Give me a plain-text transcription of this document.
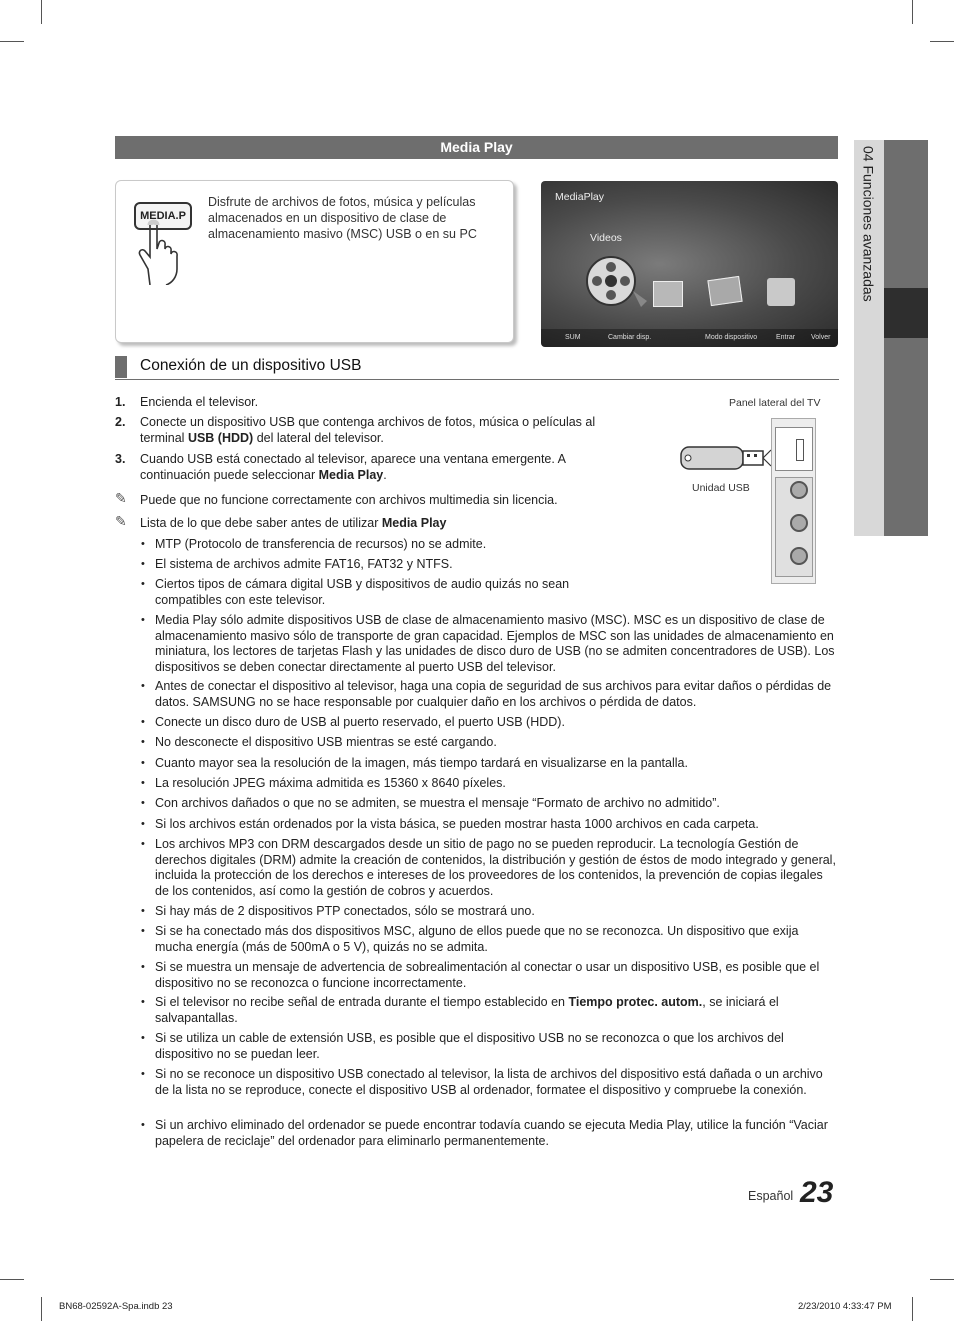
Media Play
MEDIA.P
Disfrute de archivos de fotos, música y películas almacenados en un dispositivo de clase de almacenamiento masivo (MSC) USB o en su PC
MediaPlay
Videos
SUM	Cambiar disp.	Modo dispositivo	Entrar Volver
Conexión de un dispositivo USB
1. Encienda el televisor.
2. Conecte un dispositivo USB que contenga archivos de fotos, música o películas al terminal USB (HDD) del lateral del televisor.
3. Cuando USB está conectado al televisor, aparece una ventana emergente. A continuación puede seleccionar Media Play.
✎ Puede que no funcione correctamente con archivos multimedia sin licencia.
✎ Lista de lo que debe saber antes de utilizar Media Play
• MTP (Protocolo de transferencia de recursos) no se admite.
• El sistema de archivos admite FAT16, FAT32 y NTFS.
• Ciertos tipos de cámara digital USB y dispositivos de audio quizás no sean compatibles con este televisor.
• Media Play sólo admite dispositivos USB de clase de almacenamiento masivo (MSC). MSC es un dispositivo de clase de almacenamiento masivo sólo de transporte de gran capacidad. Ejemplos de MSC son las unidades de almacenamiento en miniatura, los lectores de tarjetas Flash y las unidades de disco duro de USB (no se admiten concentradores de USB). Los dispositivos se deben conectar directamente al puerto USB del televisor.
• Antes de conectar el dispositivo al televisor, haga una copia de seguridad de sus archivos para evitar daños o pérdidas de datos. SAMSUNG no se hace responsable por cualquier daño en los archivos o pérdida de datos.
• Conecte un disco duro de USB al puerto reservado, el puerto USB (HDD).
• No desconecte el dispositivo USB mientras se esté cargando.
• Cuanto mayor sea la resolución de la imagen, más tiempo tardará en visualizarse en la pantalla.
• La resolución JPEG máxima admitida es 15360 x 8640 píxeles.
• Con archivos dañados o que no se admiten, se muestra el mensaje “Formato de archivo no admitido”.
• Si los archivos están ordenados por la vista básica, se pueden mostrar hasta 1000 archivos en cada carpeta.
• Los archivos MP3 con DRM descargados desde un sitio de pago no se pueden reproducir. La tecnología Gestión de derechos digitales (DRM) admite la creación de contenidos, la distribución y gestión de éstos de modo integrado y general, incluida la protección de los derechos e intereses de los proveedores de los contenidos, la prevención de copias ilegales de los contenidos, así como la gestión de cobros y acuerdos.
• Si hay más de 2 dispositivos PTP conectados, sólo se mostrará uno.
• Si se ha conectado más dos dispositivos MSC, alguno de ellos puede que no se reconozca. Un dispositivo que exija mucha energía (más de 500mA o 5 V), quizás no se admita.
• Si se muestra un mensaje de advertencia de sobrealimentación al conectar o usar un dispositivo USB, es posible que el dispositivo no se reconozca o funcione incorrectamente.
• Si el televisor no recibe señal de entrada durante el tiempo establecido en Tiempo protec. autom., se iniciará el salvapantallas.
• Si se utiliza un cable de extensión USB, es posible que el dispositivo USB no se reconozca o que los archivos del dispositivo no se puedan leer.
• Si no se reconoce un dispositivo USB conectado al televisor, la lista de archivos del dispositivo está dañada o un archivo de la lista no se reproduce, conecte el dispositivo USB al ordenador, formatee el dispositivo y compruebe la conexión.
• Si un archivo eliminado del ordenador se puede encontrar todavía cuando se ejecuta Media Play, utilice la función “Vaciar papelera de reciclaje” del ordenador para eliminarlo permanentemente.
Panel lateral del TV
Unidad USB
04 Funciones avanzadas
Español 23
BN68-02592A-Spa.indb 23	2/23/2010 4:33:47 PM
